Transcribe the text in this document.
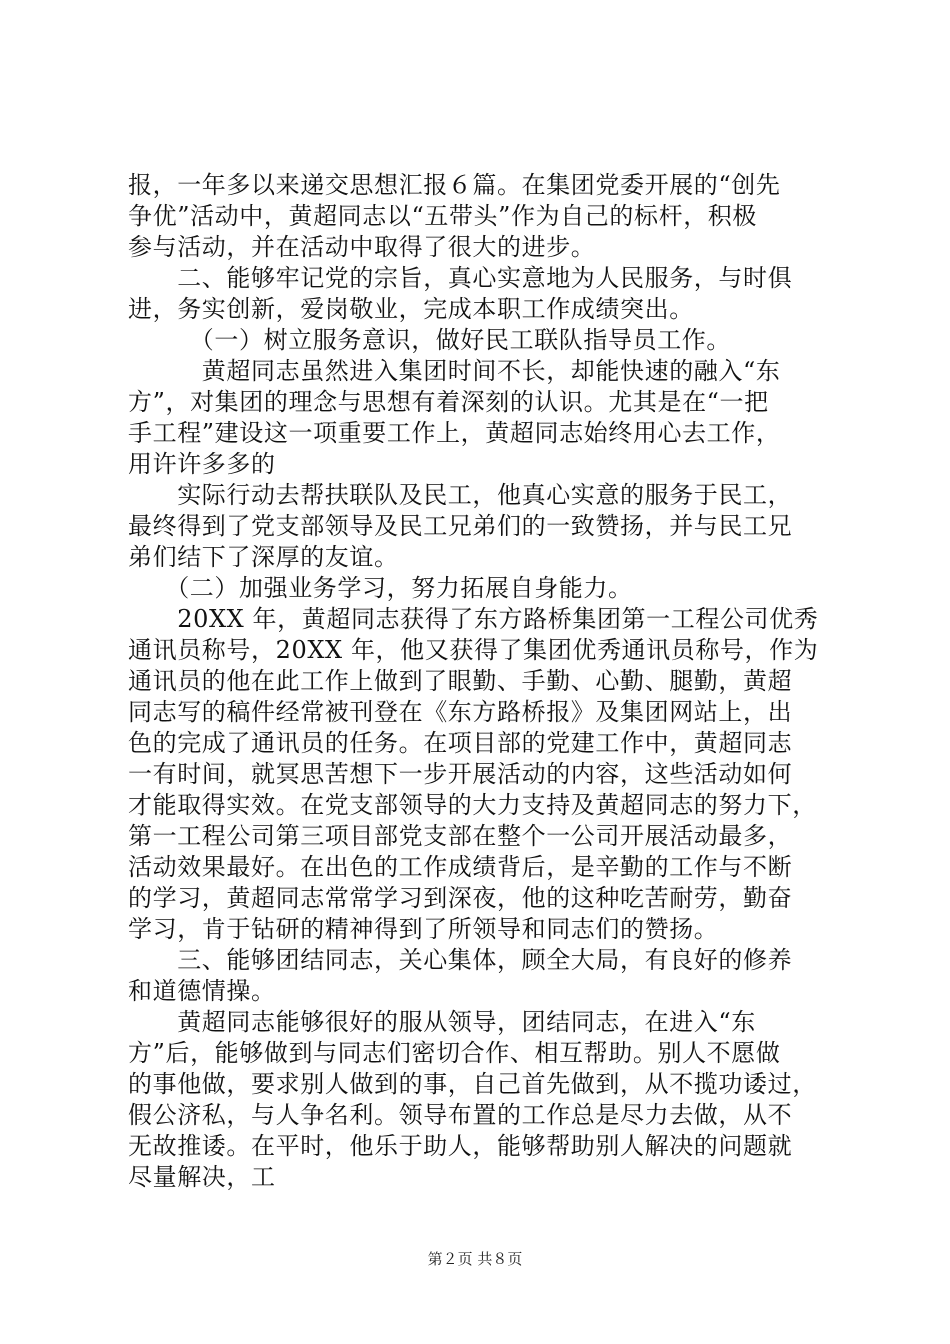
报，一年多以来递交思想汇报６篇。在集团党委开展的“创先
争优”活动中，黄超同志以“五带头”作为自己的标杆，积极
参与活动，并在活动中取得了很大的进步。
　　二、能够牢记党的宗旨，真心实意地为人民服务，与时俱
进，务实创新，爱岗敬业，完成本职工作成绩突出。
　　　（一）树立服务意识，做好民工联队指导员工作。
　　　黄超同志虽然进入集团时间不长，却能快速的融入“东
方”，对集团的理念与思想有着深刻的认识。尤其是在“一把
手工程”建设这一项重要工作上，黄超同志始终用心去工作，
用许许多多的
　　实际行动去帮扶联队及民工，他真心实意的服务于民工，
最终得到了党支部领导及民工兄弟们的一致赞扬，并与民工兄
弟们结下了深厚的友谊。
　　（二）加强业务学习，努力拓展自身能力。
　　20XX 年，黄超同志获得了东方路桥集团第一工程公司优秀
通讯员称号，20XX 年，他又获得了集团优秀通讯员称号，作为
通讯员的他在此工作上做到了眼勤、手勤、心勤、腿勤，黄超
同志写的稿件经常被刊登在《东方路桥报》及集团网站上，出
色的完成了通讯员的任务。在项目部的党建工作中，黄超同志
一有时间，就冥思苦想下一步开展活动的内容，这些活动如何
才能取得实效。在党支部领导的大力支持及黄超同志的努力下，
第一工程公司第三项目部党支部在整个一公司开展活动最多，
活动效果最好。在出色的工作成绩背后，是辛勤的工作与不断
的学习，黄超同志常常学习到深夜，他的这种吃苦耐劳，勤奋
学习，肯于钻研的精神得到了所领导和同志们的赞扬。
　　三、能够团结同志，关心集体，顾全大局，有良好的修养
和道德情操。
　　黄超同志能够很好的服从领导，团结同志，在进入“东
方”后，能够做到与同志们密切合作、相互帮助。别人不愿做
的事他做，要求别人做到的事，自己首先做到，从不揽功诿过，
假公济私，与人争名利。领导布置的工作总是尽力去做，从不
无故推诿。在平时，他乐于助人，能够帮助别人解决的问题就
尽量解决，工
第２页 共８页
